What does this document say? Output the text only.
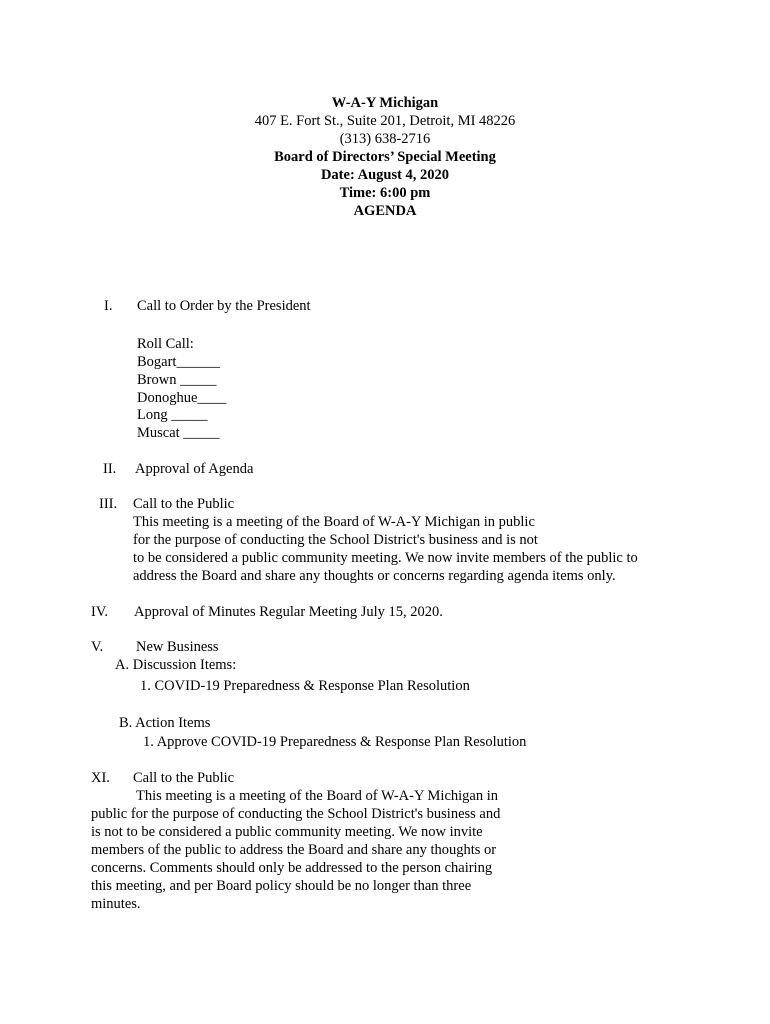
W-A-Y Michigan
407 E. Fort St., Suite 201, Detroit, MI 48226
(313) 638-2716
Board of Directors’ Special Meeting
Date: August 4, 2020
Time: 6:00 pm
AGENDA
I. Call to Order by the President
Roll Call:
Bogart______
Brown _____
Donoghue____
Long _____
Muscat _____
II. Approval of Agenda
III. Call to the Public
This meeting is a meeting of the Board of W-A-Y Michigan in public
for the purpose of conducting the School District's business and is not
to be considered a public community meeting. We now invite members of the public to
address the Board and share any thoughts or concerns regarding agenda items only.
IV. Approval of Minutes Regular Meeting July 15, 2020.
V. New Business
A. Discussion Items:
1. COVID-19 Preparedness & Response Plan Resolution
B. Action Items
1. Approve COVID-19 Preparedness & Response Plan Resolution
XI. Call to the Public
This meeting is a meeting of the Board of W-A-Y Michigan in
public for the purpose of conducting the School District's business and
is not to be considered a public community meeting. We now invite
members of the public to address the Board and share any thoughts or
concerns. Comments should only be addressed to the person chairing
this meeting, and per Board policy should be no longer than three
minutes.
